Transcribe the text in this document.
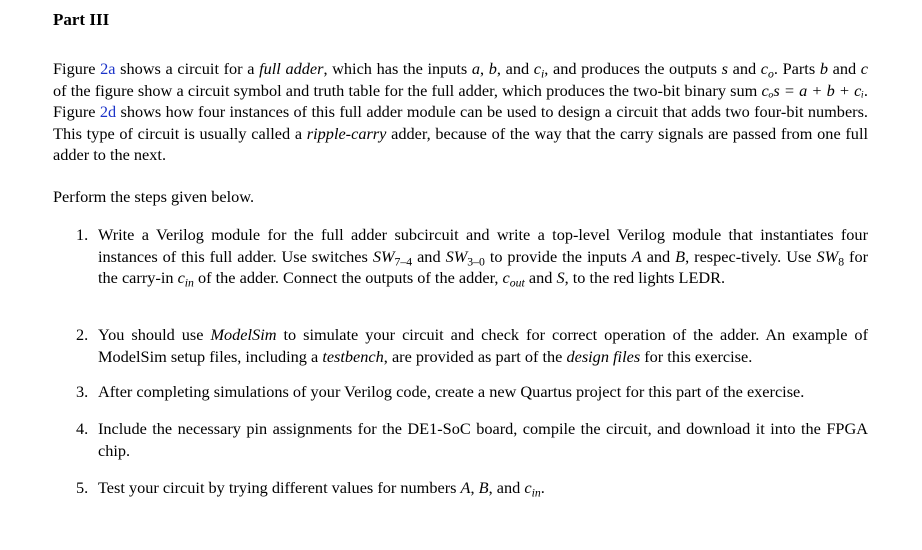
Part III

Figure 2a shows a circuit for a full adder, which has the inputs a, b, and $c_i$, and produces the outputs s and $c_o$. Parts b and c of the figure show a circuit symbol and truth table for the full adder, which produces the two-bit binary sum cₒs = a + b + cᵢ. Figure 2d shows how four instances of this full adder module can be used to design a circuit that adds two four-bit numbers. This type of circuit is usually called a ripple-carry adder, because of the way that the carry signals are passed from one full adder to the next.

Perform the steps given below.

1. Write a Verilog module for the full adder subcircuit and write a top-level Verilog module that instantiates four instances of this full adder. Use switches $SW_{7-4}$ and $SW_{3-0}$ to provide the inputs A and B, respec-tively. Use $SW_8$ for the carry-in $c_{in}$ of the adder. Connect the outputs of the adder, $c_{out}$ and S, to the red lights LEDR.
2. You should use ModelSim to simulate your circuit and check for correct operation of the adder. An example of ModelSim setup files, including a testbench, are provided as part of the design files for this exercise.
3. After completing simulations of your Verilog code, create a new Quartus project for this part of the exercise.
4. Include the necessary pin assignments for the DE1-SoC board, compile the circuit, and download it into the FPGA chip.
5. Test your circuit by trying different values for numbers A, B, and $c_{in}$.
